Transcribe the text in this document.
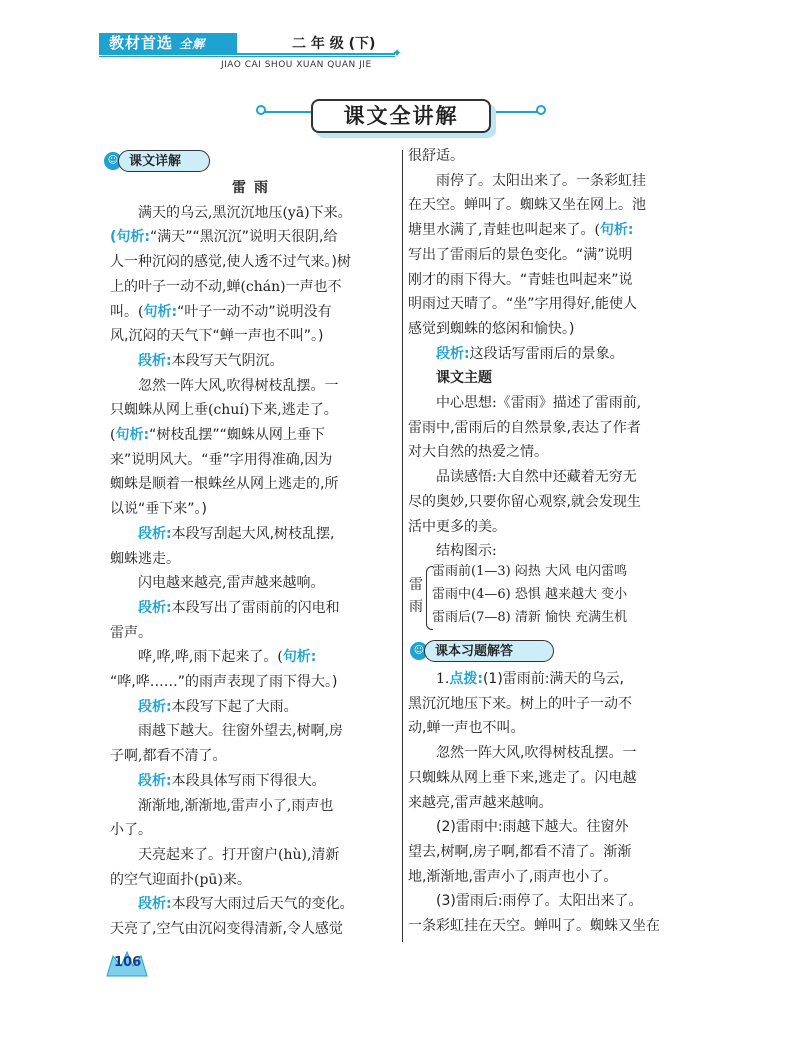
教材首选 全解	二 年 级 (下)
✦
JIAO CAI SHOU XUAN QUAN JIE
课文全讲解
☺ 课文详解

雷雨

满天的乌云,黑沉沉地压(yā)下来。

(句析:“满天”“黑沉沉”说明天很阴,给

人一种沉闷的感觉,使人透不过气来。)树

上的叶子一动不动,蝉(chán)一声也不

叫。(句析:“叶子一动不动”说明没有

风,沉闷的天气下“蝉一声也不叫”。)

段析:本段写天气阴沉。

忽然一阵大风,吹得树枝乱摆。一

只蜘蛛从网上垂(chuí)下来,逃走了。

(句析:“树枝乱摆”“蜘蛛从网上垂下

来”说明风大。“垂”字用得准确,因为

蜘蛛是顺着一根蛛丝从网上逃走的,所

以说“垂下来”。)

段析:本段写刮起大风,树枝乱摆,

蜘蛛逃走。

闪电越来越亮,雷声越来越响。

段析:本段写出了雷雨前的闪电和

雷声。

哗,哗,哗,雨下起来了。(句析:

“哗,哗……”的雨声表现了雨下得大。)

段析:本段写下起了大雨。

雨越下越大。往窗外望去,树啊,房

子啊,都看不清了。

段析:本段具体写雨下得很大。

渐渐地,渐渐地,雷声小了,雨声也

小了。

天亮起来了。打开窗户(hù),清新

的空气迎面扑(pū)来。

段析:本段写大雨过后天气的变化。

天亮了,空气由沉闷变得清新,令人感觉

很舒适。

雨停了。太阳出来了。一条彩虹挂

在天空。蝉叫了。蜘蛛又坐在网上。池

塘里水满了,青蛙也叫起来了。(句析:

写出了雷雨后的景色变化。“满”说明

刚才的雨下得大。“青蛙也叫起来”说

明雨过天晴了。“坐”字用得好,能使人

感觉到蜘蛛的悠闲和愉快。)

段析:这段话写雷雨后的景象。

课文主题

中心思想:《雷雨》描述了雷雨前,

雷雨中,雷雨后的自然景象,表达了作者

对大自然的热爱之情。

品读感悟:大自然中还藏着无穷无

尽的奥妙,只要你留心观察,就会发现生

活中更多的美。

结构图示:

雷雨
雷雨前(1—3) 闷热 大风 电闪雷鸣
雷雨中(4—6) 恐惧 越来越大 变小
雷雨后(7—8) 清新 愉快 充满生机
☺ 课本习题解答

1.点拨:(1)雷雨前:满天的乌云,

黑沉沉地压下来。树上的叶子一动不

动,蝉一声也不叫。

忽然一阵大风,吹得树枝乱摆。一

只蜘蛛从网上垂下来,逃走了。闪电越

来越亮,雷声越来越响。

(2)雷雨中:雨越下越大。往窗外

望去,树啊,房子啊,都看不清了。渐渐

地,渐渐地,雷声小了,雨声也小了。

(3)雷雨后:雨停了。太阳出来了。

一条彩虹挂在天空。蝉叫了。蜘蛛又坐在

106
